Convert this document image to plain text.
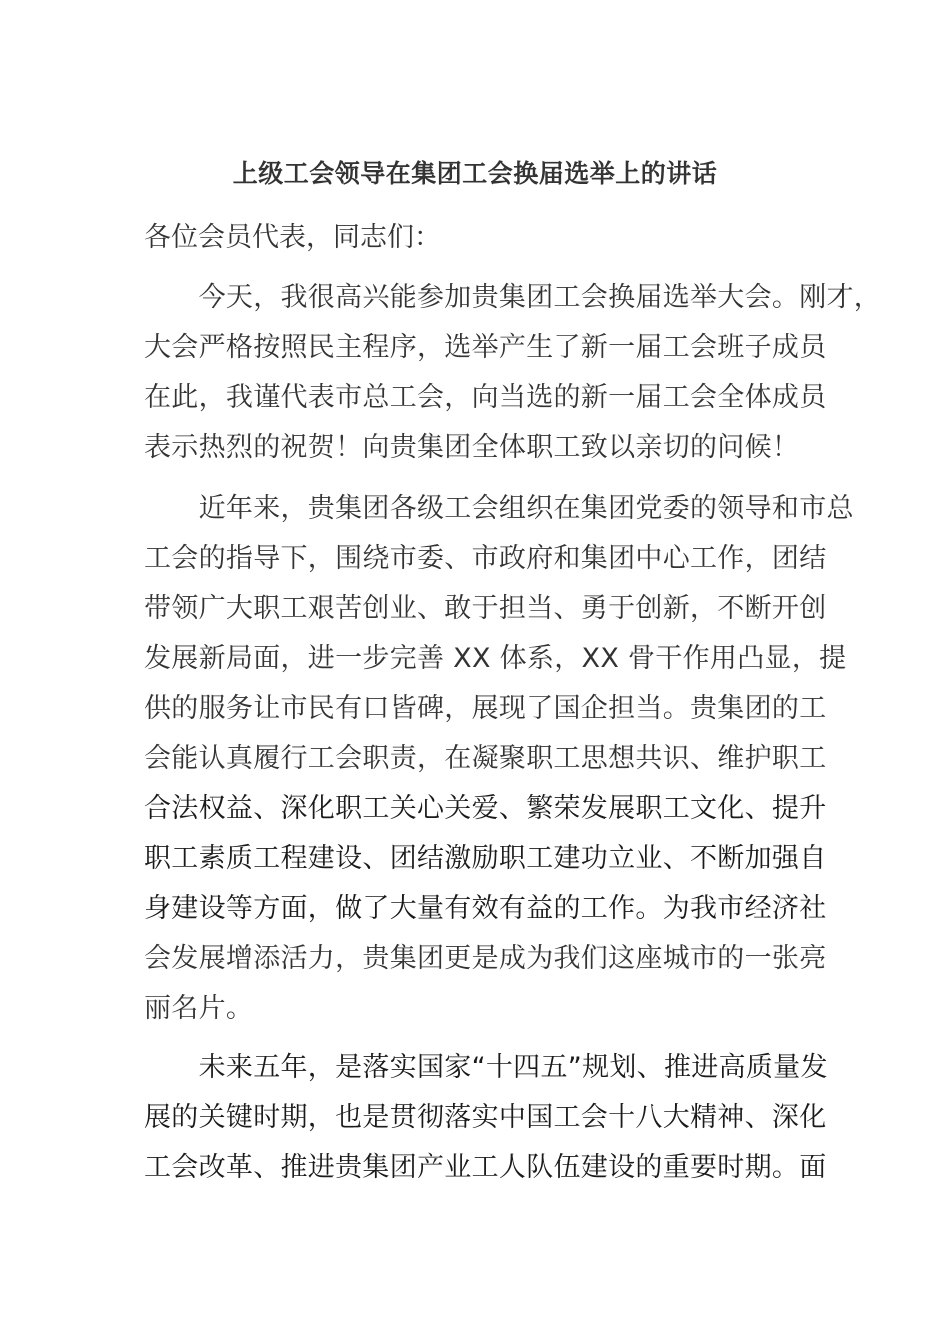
上级工会领导在集团工会换届选举上的讲话
各位会员代表，同志们：
　　今天，我很高兴能参加贵集团工会换届选举大会。刚才，
大会严格按照民主程序，选举产生了新一届工会班子成员
在此，我谨代表市总工会，向当选的新一届工会全体成员
表示热烈的祝贺！向贵集团全体职工致以亲切的问候！
　　近年来，贵集团各级工会组织在集团党委的领导和市总
工会的指导下，围绕市委、市政府和集团中心工作，团结
带领广大职工艰苦创业、敢于担当、勇于创新，不断开创
发展新局面，进一步完善 XX 体系，XX 骨干作用凸显，提
供的服务让市民有口皆碑，展现了国企担当。贵集团的工
会能认真履行工会职责，在凝聚职工思想共识、维护职工
合法权益、深化职工关心关爱、繁荣发展职工文化、提升
职工素质工程建设、团结激励职工建功立业、不断加强自
身建设等方面，做了大量有效有益的工作。为我市经济社
会发展增添活力，贵集团更是成为我们这座城市的一张亮
丽名片。
　　未来五年，是落实国家“十四五”规划、推进高质量发
展的关键时期，也是贯彻落实中国工会十八大精神、深化
工会改革、推进贵集团产业工人队伍建设的重要时期。面
